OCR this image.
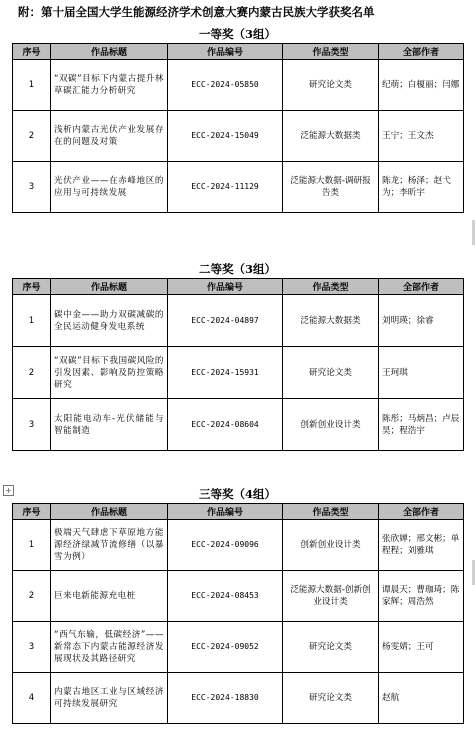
附：第十届全国大学生能源经济学术创意大赛内蒙古民族大学获奖名单
一等奖（3组）
序号	作品标题	作品编号	作品类型	全部作者
1	“双碳”目标下内蒙古提升林草碳汇能力分析研究	ECC-2024-05850	研究论文类	纪萌；白榎丽；闫娜
2	浅析内蒙古光伏产业发展存在的问题及对策	ECC-2024-15049	泛能源大数据类	王宁；王文杰
3	光伏产业——在赤峰地区的应用与可持续发展	ECC-2024-11129	泛能源大数据-调研报告类	陈龙；杨泽；赵弋为；李昕宇
二等奖（3组）
序号	作品标题	作品编号	作品类型	全部作者
1	碳中金——助力双碳减碳的全民运动健身发电系统	ECC-2024-04897	泛能源大数据类	刘明瑛；徐睿
2	“双碳”目标下我国碳风险的引发因素、影响及防控策略研究	ECC-2024-15931	研究论文类	王珂琪
3	太阳能电动车-光伏储能与智能制造	ECC-2024-08604	创新创业设计类	陈彤；马炳昌；卢辰昊；程浩宇
+	三等奖（4组）
序号	作品标题	作品编号	作品类型	全部作者
1	极端天气肆虐下草原地方能源经济绿减节流修缮（以暴雪为例）	ECC-2024-09096	创新创业设计类	张欣婵；邢文彬；单程程；刘雅琪
2	巨来电新能源充电桩	ECC-2024-08453	泛能源大数据-创新创业设计类	谭晨天；曹珈琦；陈家辉；周浩然
3	“西气东输，低碳经济”——新常态下内蒙古能源经济发展现状及其路径研究	ECC-2024-09052	研究论文类	杨雯婧；王可
4	内蒙古地区工业与区域经济可持续发展研究	ECC-2024-18830	研究论文类	赵航
